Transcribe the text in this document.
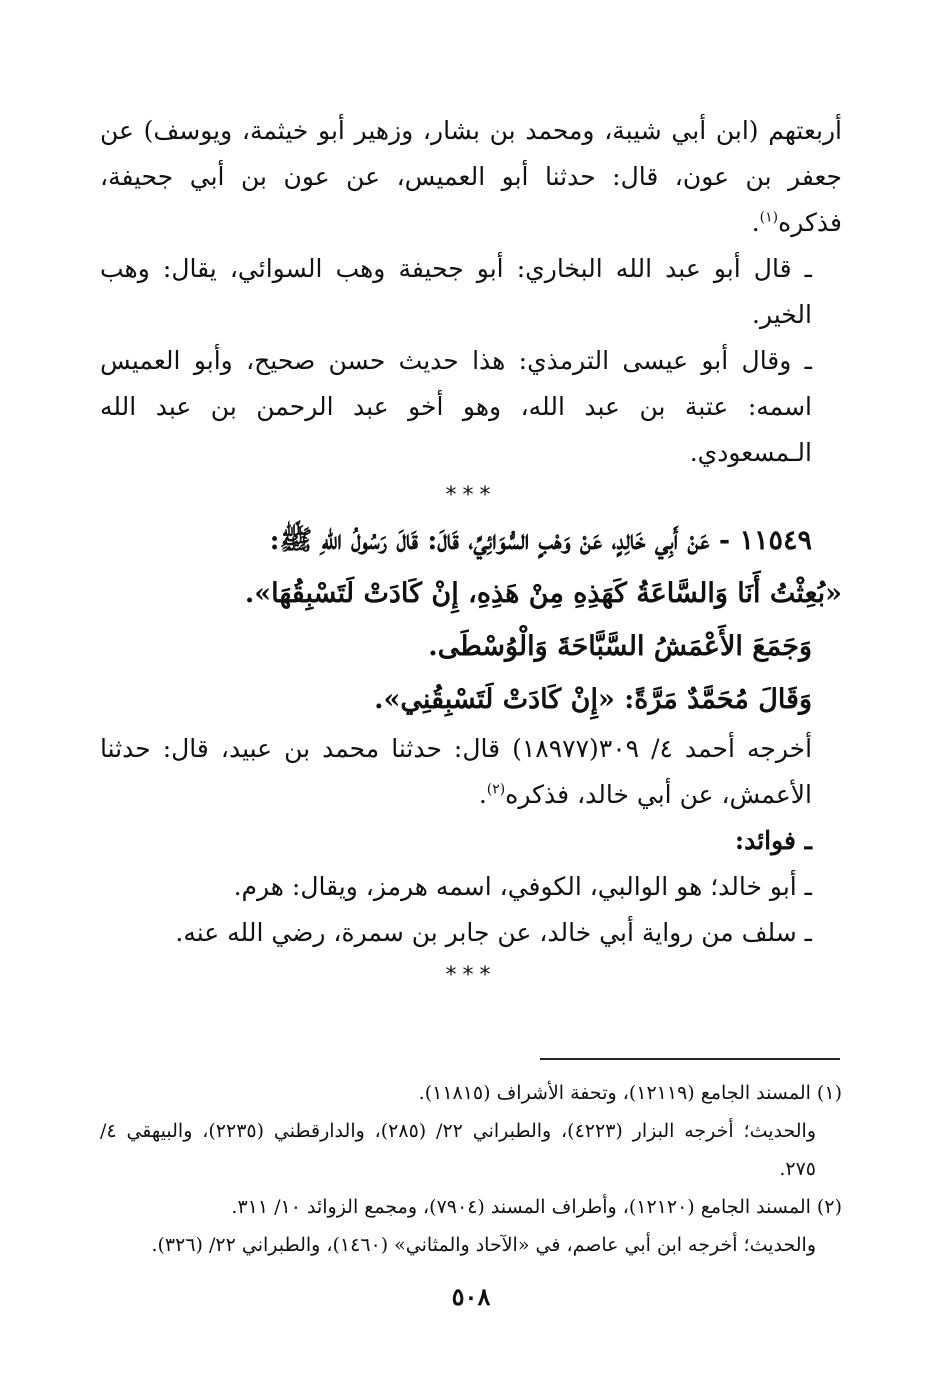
أربعتهم (ابن أبي شيبة، ومحمد بن بشار، وزهير أبو خيثمة، ويوسف) عن جعفر بن عون، قال: حدثنا أبو العميس، عن عون بن أبي جحيفة، فذكره$^{(١)}$.

ـ قال أبو عبد الله البخاري: أبو جحيفة وهب السوائي، يقال: وهب الخير.

ـ وقال أبو عيسى الترمذي: هذا حديث حسن صحيح، وأبو العميس اسمه: عتبة بن عبد الله، وهو أخو عبد الرحمن بن عبد الله الـمسعودي.

***

١١٥٤٩ - عَنْ أَبِي خَالِدٍ، عَنْ وَهْبٍ السُّوَائِيِّ، قَالَ: قَالَ رَسُولُ اللهِ ﷺ:

«بُعِثْتُ أَنَا وَالسَّاعَةُ كَهَذِهِ مِنْ هَذِهِ، إِنْ كَادَتْ لَتَسْبِقُهَا».

وَجَمَعَ الأَعْمَشُ السَّبَّاحَةَ وَالْوُسْطَى.

وَقَالَ مُحَمَّدٌ مَرَّةً: «إِنْ كَادَتْ لَتَسْبِقُنِي».

أخرجه أحمد ٤/ ٣٠٩(١٨٩٧٧) قال: حدثنا محمد بن عبيد، قال: حدثنا الأعمش، عن أبي خالد، فذكره$^{(٢)}$.

ـ فوائد:

ـ أبو خالد؛ هو الوالبي، الكوفي، اسمه هرمز، ويقال: هرم.

ـ سلف من رواية أبي خالد، عن جابر بن سمرة، رضي الله عنه.

***

(١) المسند الجامع (١٢١١٩)، وتحفة الأشراف (١١٨١٥).

والحديث؛ أخرجه البزار (٤٢٢٣)، والطبراني ٢٢/ (٢٨٥)، والدارقطني (٢٢٣٥)، والبيهقي ٤/ ٢٧٥.

(٢) المسند الجامع (١٢١٢٠)، وأطراف المسند (٧٩٠٤)، ومجمع الزوائد ١٠/ ٣١١.

والحديث؛ أخرجه ابن أبي عاصم، في «الآحاد والمثاني» (١٤٦٠)، والطبراني ٢٢/ (٣٢٦).

٥٠٨
